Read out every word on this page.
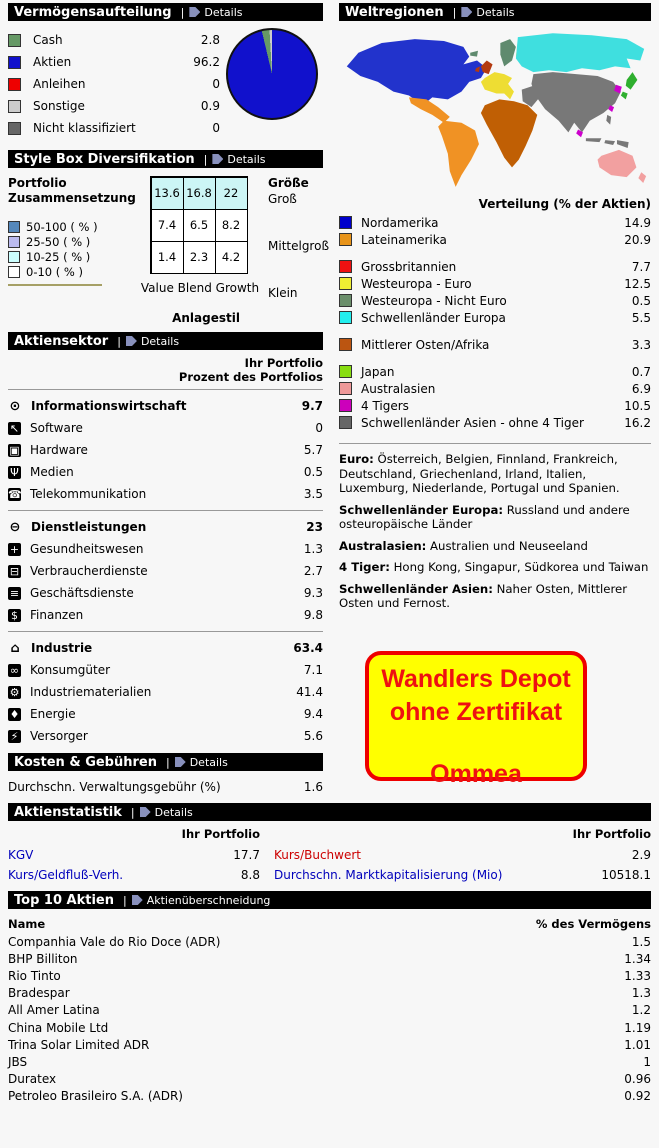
Vermögensaufteilung | Details
Cash	2.8
Aktien	96.2
Anleihen	0
Sonstige	0.9
Nicht klassifiziert	0
Style Box Diversifikation | Details
Portfolio Zusammensetzung
50-100 ( % )
25-50 ( % )
10-25 ( % )
0-10 ( % )
13.6 16.8	22
7.4	6.5	8.2
1.4	2.3	4.2
Value Blend Growth
Größe
Groß
Mittelgroß
Klein
Anlagestil
Aktiensektor | Details
Ihr Portfolio
Prozent des Portfolios
⊙ Informationswirtschaft	9.7
↖ Software	0
▣ Hardware	5.7
Ψ Medien	0.5
☎ Telekommunikation	3.5
⊖ Dienstleistungen	23
+ Gesundheitswesen	1.3
⊟ Verbraucherdienste	2.7
≡ Geschäftsdienste	9.3
$ Finanzen	9.8
⌂ Industrie	63.4
∞ Konsumgüter	7.1
⚙ Industriematerialien	41.4
♦ Energie	9.4
⚡ Versorger	5.6
Kosten & Gebühren | Details
Durchschn. Verwaltungsgebühr (%)	1.6
Weltregionen | Details
Verteilung (% der Aktien)
Nordamerika	14.9
Lateinamerika	20.9
Grossbritannien	7.7
Westeuropa - Euro	12.5
Westeuropa - Nicht Euro	0.5
Schwellenländer Europa	5.5
Mittlerer Osten/Afrika	3.3
Japan	0.7
Australasien	6.9
4 Tigers	10.5
Schwellenländer Asien - ohne 4 Tiger	16.2

Euro: Österreich, Belgien, Finnland, Frankreich, Deutschland, Griechenland, Irland, Italien, Luxemburg, Niederlande, Portugal und Spanien.

Schwellenländer Europa: Russland und andere osteuropäische Länder

Australasien: Australien und Neuseeland

4 Tiger: Hong Kong, Singapur, Südkorea und Taiwan

Schwellenländer Asien: Naher Osten, Mittlerer Osten und Fernost.

Wandlers Depot
ohne Zertifikat
Ommea
Aktienstatistik | Details
Ihr Portfolio
KGV	17.7
Kurs/Geldfluß-Verh.	8.8
Ihr Portfolio
Kurs/Buchwert	2.9
Durchschn. Marktkapitalisierung (Mio)	10518.1
Top 10 Aktien | Aktienüberschneidung
Name	% des Vermögens
Companhia Vale do Rio Doce (ADR)	1.5
BHP Billiton	1.34
Rio Tinto	1.33
Bradespar	1.3
All Amer Latina	1.2
China Mobile Ltd	1.19
Trina Solar Limited ADR	1.01
JBS	1
Duratex	0.96
Petroleo Brasileiro S.A. (ADR)	0.92
